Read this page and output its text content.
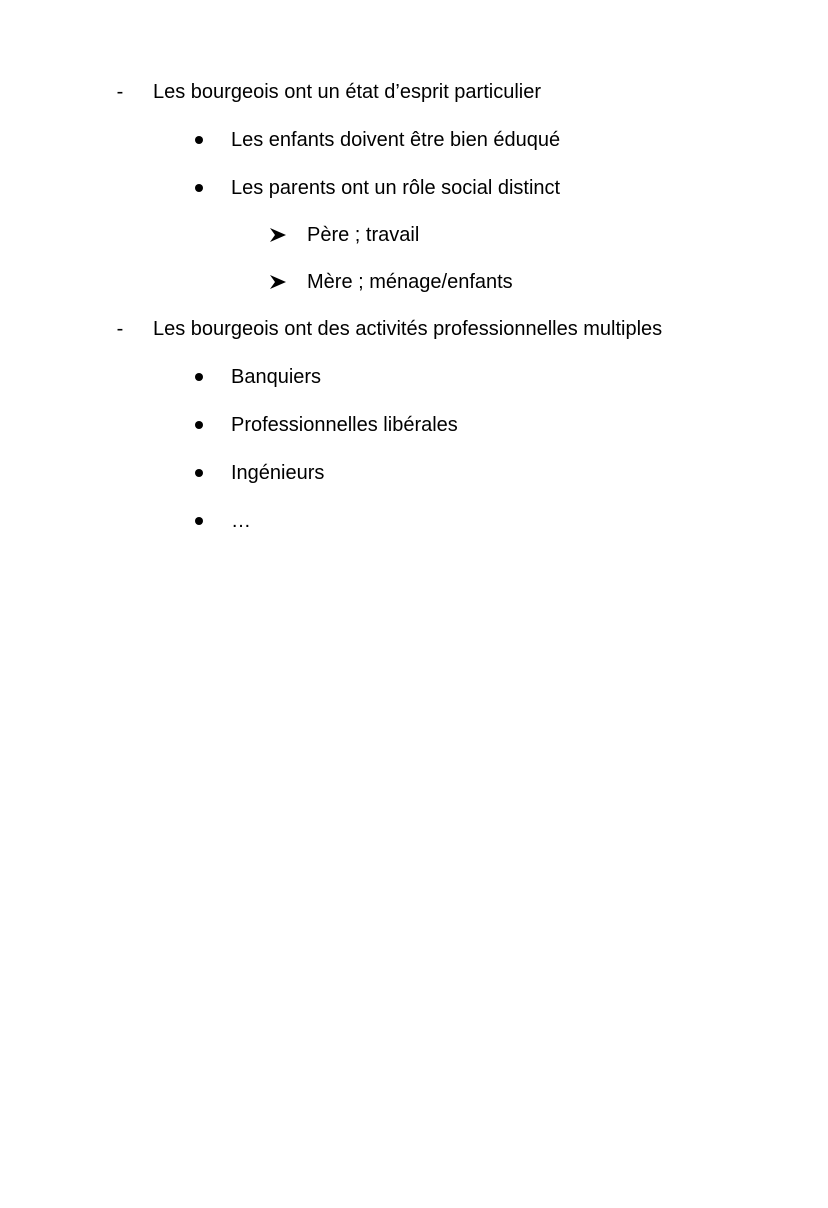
- Les bourgeois ont un état d’esprit particulier
Les enfants doivent être bien éduqué
Les parents ont un rôle social distinct
Père ; travail
Mère ; ménage/enfants
- Les bourgeois ont des activités professionnelles multiples
Banquiers
Professionnelles libérales
Ingénieurs
…
